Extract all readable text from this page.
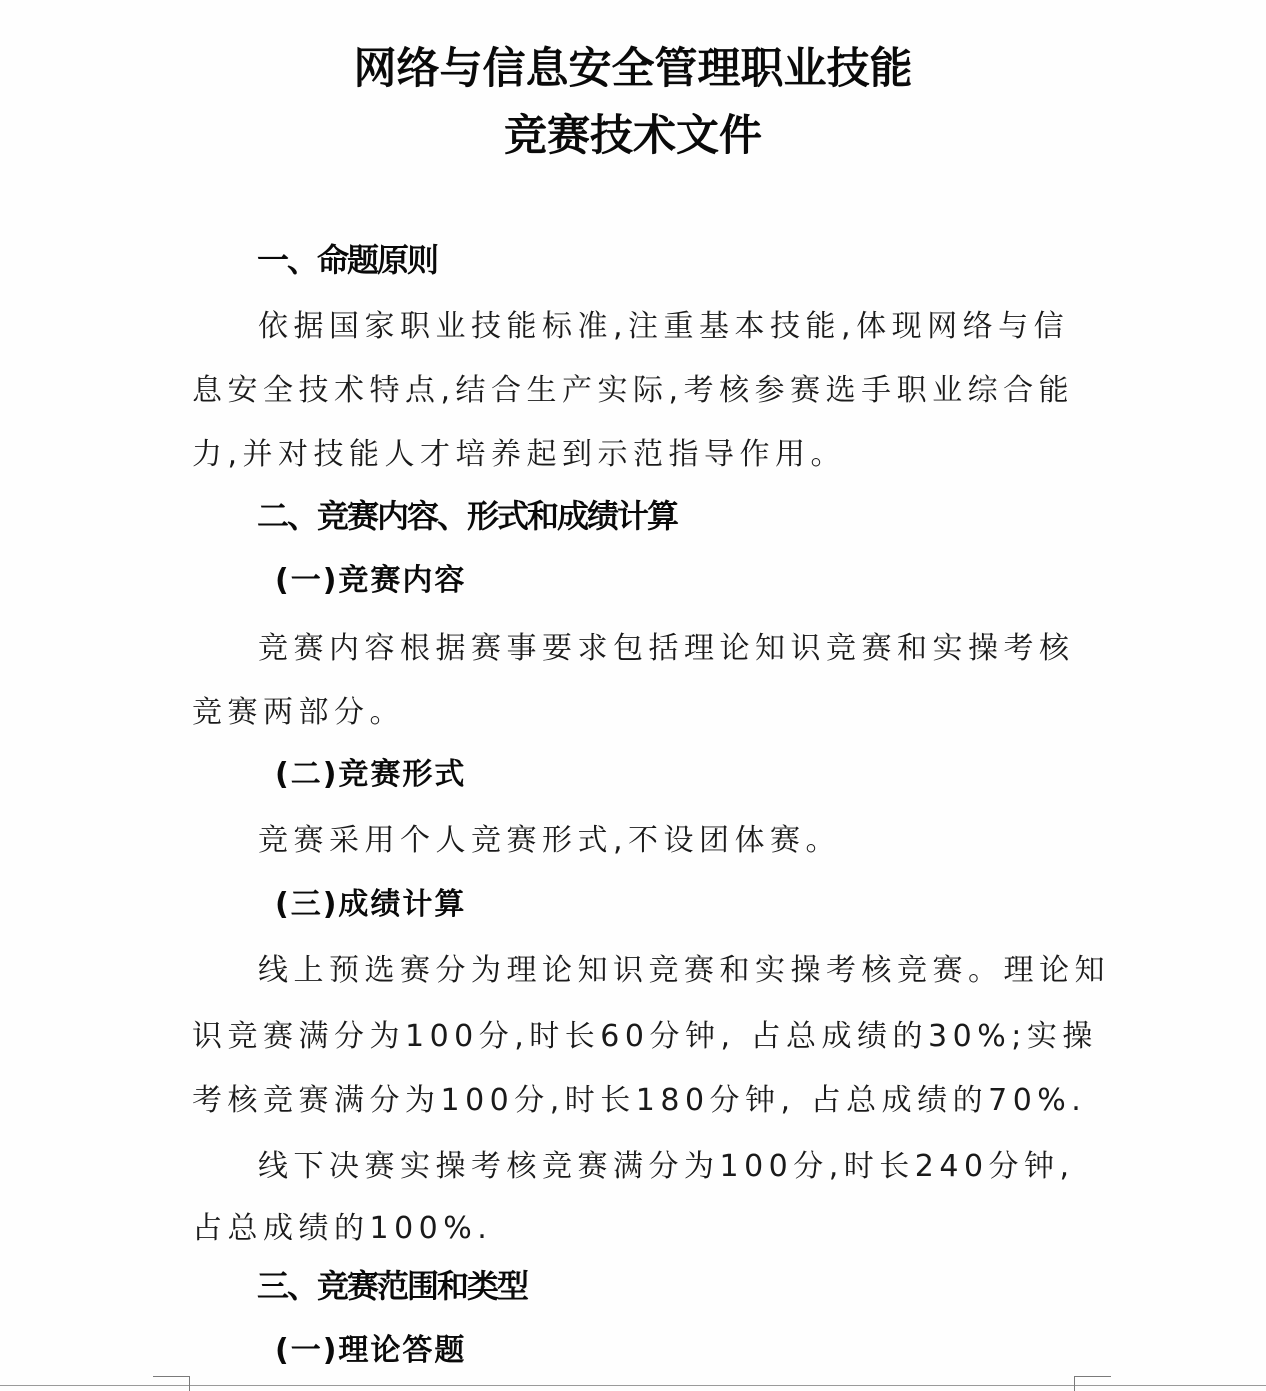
网络与信息安全管理职业技能
竞赛技术文件
一、命题原则
依据国家职业技能标准,注重基本技能,体现网络与信
息安全技术特点,结合生产实际,考核参赛选手职业综合能
力,并对技能人才培养起到示范指导作用。
二、竞赛内容、形式和成绩计算
(一)竞赛内容
竞赛内容根据赛事要求包括理论知识竞赛和实操考核
竞赛两部分。
(二)竞赛形式
竞赛采用个人竞赛形式,不设团体赛。
(三)成绩计算
线上预选赛分为理论知识竞赛和实操考核竞赛。理论知
识竞赛满分为100分,时长60分钟, 占总成绩的30%;实操
考核竞赛满分为100分,时长180分钟, 占总成绩的70%.
线下决赛实操考核竞赛满分为100分,时长240分钟,
占总成绩的100%.
三、竞赛范围和类型
(一)理论答题
